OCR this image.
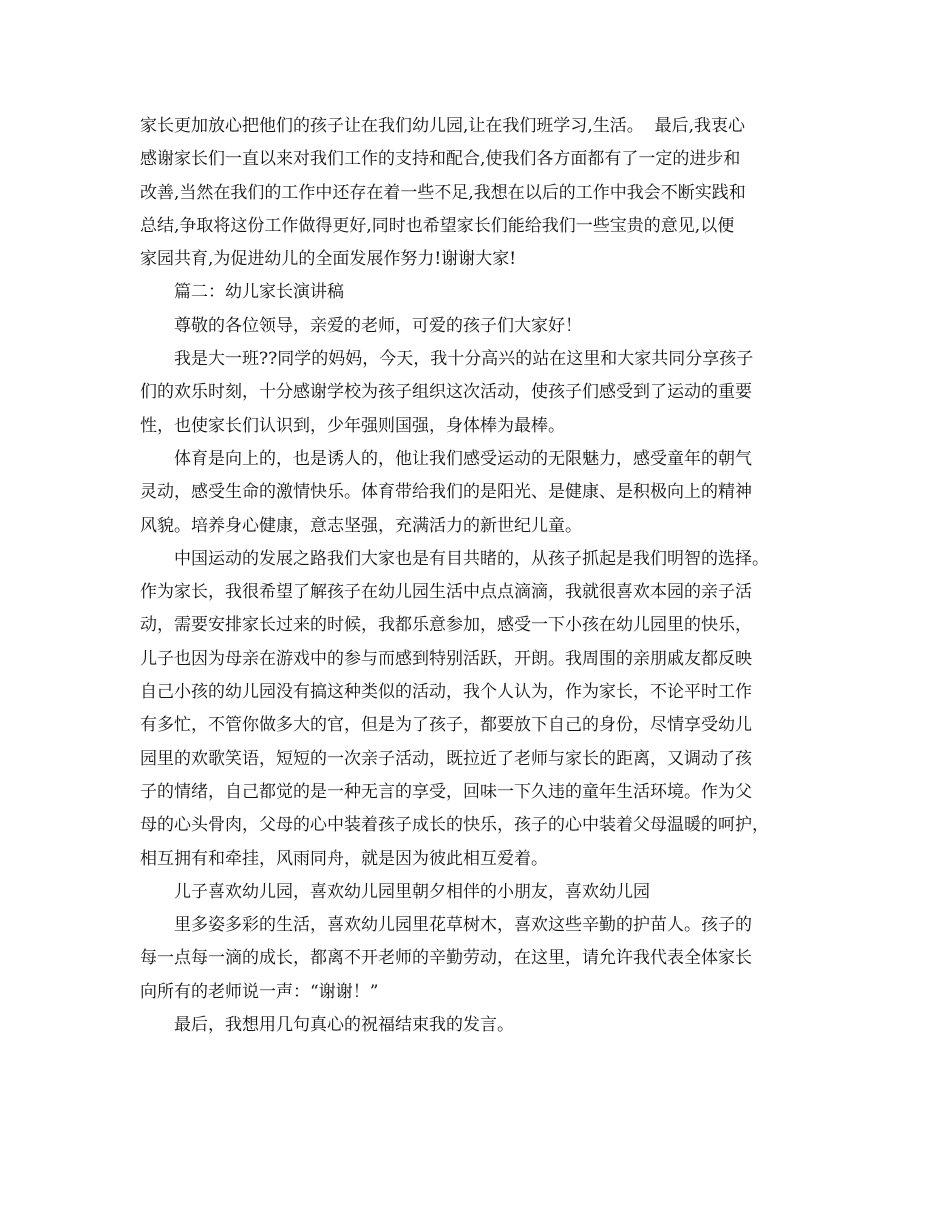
家长更加放心把他们的孩子让在我们幼儿园,让在我们班学习,生活。  最后,我衷心
感谢家长们一直以来对我们工作的支持和配合,使我们各方面都有了一定的进步和
改善,当然在我们的工作中还存在着一些不足,我想在以后的工作中我会不断实践和
总结,争取将这份工作做得更好,同时也希望家长们能给我们一些宝贵的意见,以便
家园共育,为促进幼儿的全面发展作努力!谢谢大家!
篇二：幼儿家长演讲稿
尊敬的各位领导，亲爱的老师，可爱的孩子们大家好！
我是大一班??同学的妈妈，今天，我十分高兴的站在这里和大家共同分享孩子
们的欢乐时刻，十分感谢学校为孩子组织这次活动，使孩子们感受到了运动的重要
性，也使家长们认识到，少年强则国强，身体棒为最棒。
体育是向上的，也是诱人的，他让我们感受运动的无限魅力，感受童年的朝气
灵动，感受生命的激情快乐。体育带给我们的是阳光、是健康、是积极向上的精神
风貌。培养身心健康，意志坚强，充满活力的新世纪儿童。
中国运动的发展之路我们大家也是有目共睹的，从孩子抓起是我们明智的选择。
作为家长，我很希望了解孩子在幼儿园生活中点点滴滴，我就很喜欢本园的亲子活
动，需要安排家长过来的时候，我都乐意参加，感受一下小孩在幼儿园里的快乐，
儿子也因为母亲在游戏中的参与而感到特别活跃，开朗。我周围的亲朋戚友都反映
自己小孩的幼儿园没有搞这种类似的活动，我个人认为，作为家长，不论平时工作
有多忙，不管你做多大的官，但是为了孩子，都要放下自己的身份，尽情享受幼儿
园里的欢歌笑语，短短的一次亲子活动，既拉近了老师与家长的距离，又调动了孩
子的情绪，自己都觉的是一种无言的享受，回味一下久违的童年生活环境。作为父
母的心头骨肉，父母的心中装着孩子成长的快乐，孩子的心中装着父母温暖的呵护，
相互拥有和牵挂，风雨同舟，就是因为彼此相互爱着。
儿子喜欢幼儿园，喜欢幼儿园里朝夕相伴的小朋友，喜欢幼儿园
里多姿多彩的生活，喜欢幼儿园里花草树木，喜欢这些辛勤的护苗人。孩子的
每一点每一滴的成长，都离不开老师的辛勤劳动，在这里，请允许我代表全体家长
向所有的老师说一声：“谢谢！”
最后，我想用几句真心的祝福结束我的发言。
